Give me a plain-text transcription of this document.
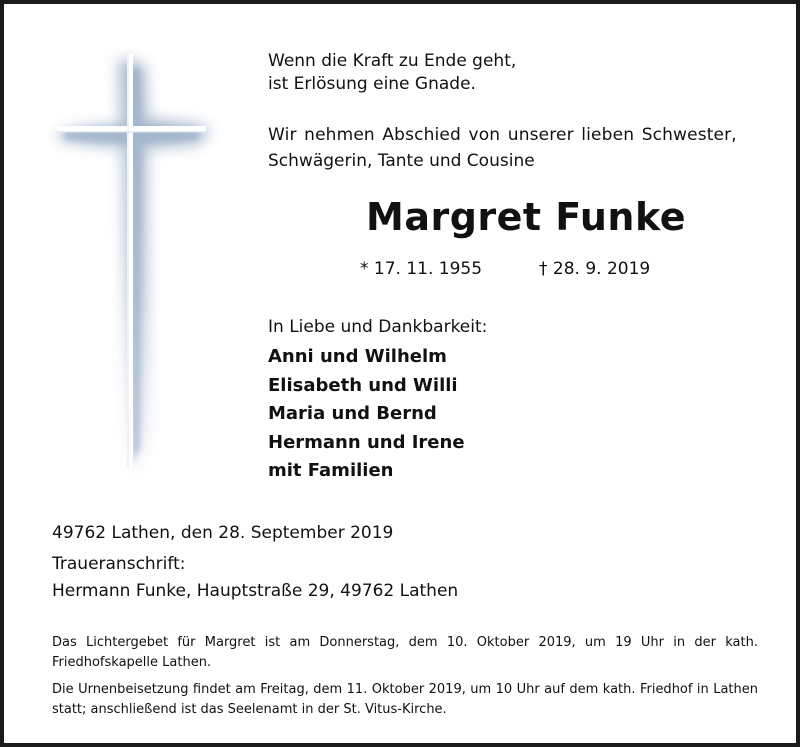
Wenn die Kraft zu Ende geht,
ist Erlösung eine Gnade.
Wir nehmen Abschied von unserer lieben Schwester,
Schwägerin, Tante und Cousine
Margret Funke
* 17. 11. 1955	† 28. 9. 2019
In Liebe und Dankbarkeit:
Anni und Wilhelm
Elisabeth und Willi
Maria und Bernd
Hermann und Irene
mit Familien
49762 Lathen, den 28. September 2019
Traueranschrift:
Hermann Funke, Hauptstraße 29, 49762 Lathen
Das Lichtergebet für Margret ist am Donnerstag, dem 10. Oktober 2019, um 19 Uhr in der kath. Friedhofskapelle Lathen.
Die Urnenbeisetzung findet am Freitag, dem 11. Oktober 2019, um 10 Uhr auf dem kath. Friedhof in Lathen statt; anschließend ist das Seelenamt in der St. Vitus-Kirche.
